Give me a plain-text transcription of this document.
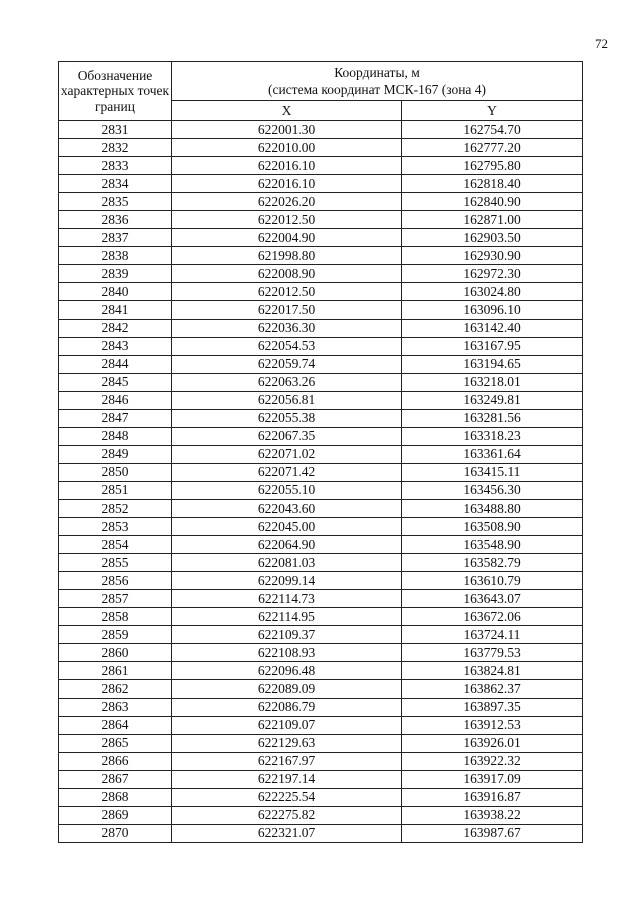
72
Обозначение характерных точек границ	Координаты, м
(система координат МСК-167 (зона 4)	

	X	Y
2831	622001.30	162754.70
2832	622010.00	162777.20
2833	622016.10	162795.80
2834	622016.10	162818.40
2835	622026.20	162840.90
2836	622012.50	162871.00
2837	622004.90	162903.50
2838	621998.80	162930.90
2839	622008.90	162972.30
2840	622012.50	163024.80
2841	622017.50	163096.10
2842	622036.30	163142.40
2843	622054.53	163167.95
2844	622059.74	163194.65
2845	622063.26	163218.01
2846	622056.81	163249.81
2847	622055.38	163281.56
2848	622067.35	163318.23
2849	622071.02	163361.64
2850	622071.42	163415.11
2851	622055.10	163456.30
2852	622043.60	163488.80
2853	622045.00	163508.90
2854	622064.90	163548.90
2855	622081.03	163582.79
2856	622099.14	163610.79
2857	622114.73	163643.07
2858	622114.95	163672.06
2859	622109.37	163724.11
2860	622108.93	163779.53
2861	622096.48	163824.81
2862	622089.09	163862.37
2863	622086.79	163897.35
2864	622109.07	163912.53
2865	622129.63	163926.01
2866	622167.97	163922.32
2867	622197.14	163917.09
2868	622225.54	163916.87
2869	622275.82	163938.22
2870	622321.07	163987.67
